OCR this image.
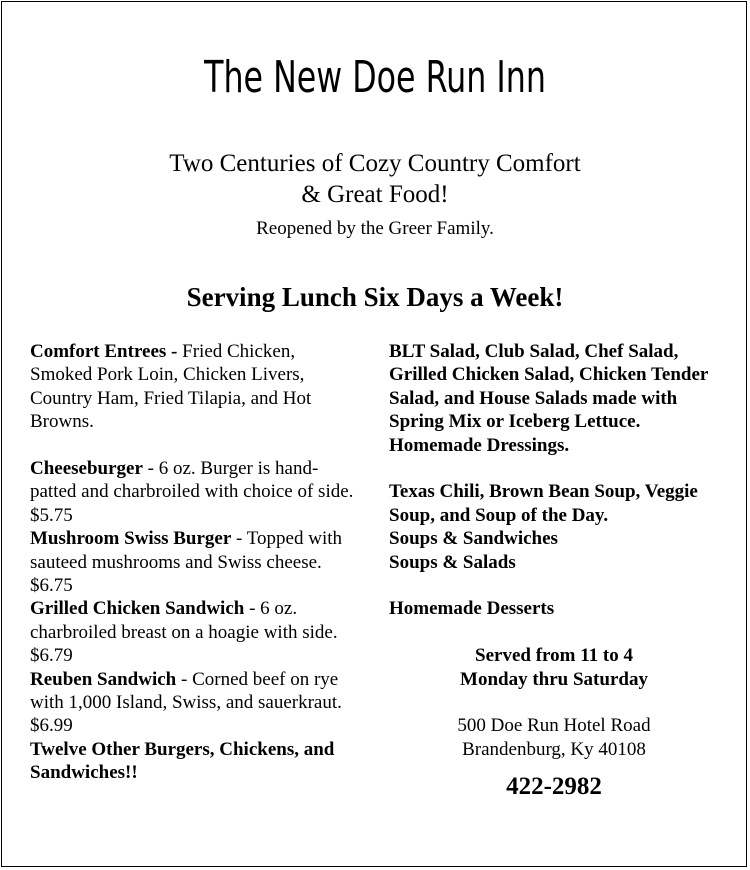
The New Doe Run Inn
Two Centuries of Cozy Country Comfort
& Great Food!
Reopened by the Greer Family.
Serving Lunch Six Days a Week!
Comfort Entrees - Fried Chicken, Smoked Pork Loin, Chicken Livers, Country Ham, Fried Tilapia, and Hot Browns.
Cheeseburger - 6 oz. Burger is hand-patted and charbroiled with choice of side. $5.75
Mushroom Swiss Burger - Topped with sauteed mushrooms and Swiss cheese. $6.75
Grilled Chicken Sandwich - 6 oz. charbroiled breast on a hoagie with side. $6.79
Reuben Sandwich - Corned beef on rye with 1,000 Island, Swiss, and sauerkraut. $6.99
Twelve Other Burgers, Chickens, and Sandwiches!!
BLT Salad, Club Salad, Chef Salad, Grilled Chicken Salad, Chicken Tender Salad, and House Salads made with Spring Mix or Iceberg Lettuce. Homemade Dressings.
Texas Chili, Brown Bean Soup, Veggie Soup, and Soup of the Day.
Soups & Sandwiches
Soups & Salads
Homemade Desserts
Served from 11 to 4
Monday thru Saturday
500 Doe Run Hotel Road
Brandenburg, Ky 40108
422-2982
